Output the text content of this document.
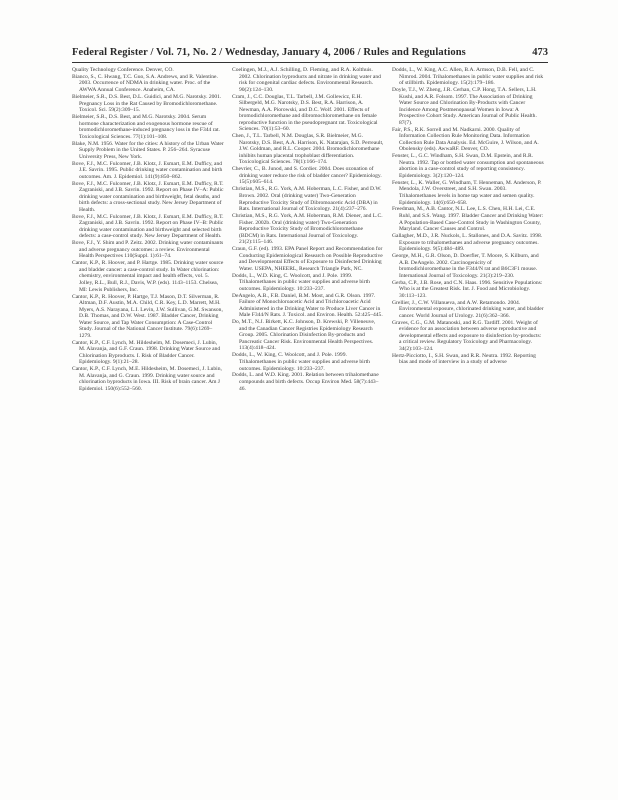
Federal Register / Vol. 71, No. 2 / Wednesday, January 4, 2006 / Rules and Regulations	473

Quality Technology Conference. Denver, CO.

Bianco, S., C. Hwang, T.C. Guo, S.A. Andrews, and R. Valentine. 2003. Occurrence of NDMA in drinking water. Proc. of the AWWA Annual Conference. Anaheim, CA.

Bielmeier, S.R., D.S. Best, D.L. Guidici, and M.G. Narotsky. 2001. Pregnancy Loss in the Rat Caused by Bromodichloromethane. Toxicol. Sci. 59(2):309–15.

Bielmeier, S.R., D.S. Best, and M.G. Narotsky. 2004. Serum hormone characterization and exogenous hormone rescue of bromodichloromethane-induced pregnancy loss in the F344 rat. Toxicological Sciences. 77(1):101–108.

Blake, N.M. 1956. Water for the cities: A history of the Urban Water Supply Problem in the United States. P. 256–264. Syracuse University Press, New York.

Bove, F.J., M.C. Fulcomer, J.B. Klotz, J. Esmart, E.M. Dufficy, and J.E. Savrin. 1995. Public drinking water contamination and birth outcomes. Am. J. Epidemiol. 141(9):850–862.

Bove, F.J., M.C. Fulcomer, J.B. Klotz, J. Esmart, E.M. Dufficy, R.T. Zagraniski, and J.B. Savrin. 1992. Report on Phase IV–A: Public drinking water contamination and birthweight, fetal deaths, and birth defects: a cross-sectional study. New Jersey Department of Health.

Bove, F.J., M.C. Fulcomer, J.B. Klotz, J. Esmart, E.M. Dufficy, R.T. Zagraniski, and J.B. Savrin. 1992. Report on Phase IV–B: Public drinking water contamination and birthweight and selected birth defects: a case-control study. New Jersey Department of Health.

Bove, F.J., Y. Shim and P. Zeitz. 2002. Drinking water contaminants and adverse pregnancy outcomes: a review. Environmental Health Perspectives 110(Suppl. 1):61–74.

Cantor, K.P., R. Hoover, and P. Hartge. 1985. Drinking water source and bladder cancer: a case-control study. In Water chlorination: chemistry, environmental impact and health effects, vol. 5. Jolley, R.L., Bull, R.J., Davis, W.P. (eds). 1143–1153. Chelsea, MI: Lewis Publishers, Inc.

Cantor, K.P., R. Hoover, P. Hartge, T.J. Mason, D.T. Silverman, R. Altman, D.F. Austin, M.A. Child, C.R. Key, L.D. Marrett, M.H. Myers, A.S. Narayana, L.I. Levin, J.W. Sullivan, G.M. Swanson, D.B. Thomas, and D.W. West. 1987. Bladder Cancer, Drinking Water Source, and Tap Water Consumption: A Case-Control Study. Journal of the National Cancer Institute. 79(6):1269–1279.

Cantor, K.P., C.F. Lynch, M. Hildesheim, M. Dosemeci, J. Lubin, M. Alavanja, and G.F. Craun. 1998. Drinking Water Source and Chlorination Byproducts. I. Risk of Bladder Cancer. Epidemiology. 9(1):21–28.

Cantor, K.P., C.F. Lynch, M.E. Hildesheim, M. Dosemeci, J. Lubin, M. Alavanja, and G. Craun. 1999. Drinking water source and chlorination byproducts in Iowa. III. Risk of brain cancer. Am J Epidemiol. 150(6):552–560.

Coelingen, M.J., A.J. Schilling, D. Fleming, and R.A. Kolthuis. 2002. Chlorination byproducts and nitrate in drinking water and risk for congenital cardiac defects. Environmental Research. 90(2):124–130.

Cram, J., C.C. Douglas, T.L. Tarbell, J.M. Gollewicz, E.H. Silbergeld, M.G. Narotsky, D.S. Best, R.A. Harrison, A. Newman, A.A. Piorowski, and D.C. Wolf. 2001. Effects of bromodichloromethane and dibromochloromethane on female reproductive function in the pseudopregnant rat. Toxicological Sciences. 70(1):53–60.

Chen, J., T.L. Tarbell, N.M. Douglas, S.R. Bielmeier, M.G. Narotsky, D.S. Best, A.A. Harrison, K. Natarajan, S.D. Perreault, J.W. Goldman, and R.L. Cooper. 2004. Bromodichloromethane inhibits human placental trophoblast differentiation. Toxicological Sciences. 78(1):166–174.

Chevrier, C., B. Junod, and S. Cordier. 2004. Does ozonation of drinking water reduce the risk of bladder cancer? Epidemiology. 15(5):605–614.

Christian, M.S., R.G. York, A.M. Hoberman, L.C. Fisher, and D.W. Brown. 2002. Oral (drinking water) Two-Generation Reproductive Toxicity Study of Dibromoacetic Acid (DBA) in Rats. International Journal of Toxicology. 21(4):237–276.

Christian, M.S., R.G. York, A.M. Hoberman, R.M. Diener, and L.C. Fisher. 2002b. Oral (drinking water) Two-Generation Reproductive Toxicity Study of Bromodichloromethane (BDCM) in Rats. International Journal of Toxicology. 21(2):115–146.

Craun, G.F. (ed). 1993. EPA Panel Report and Recommendation for Conducting Epidemiological Research on Possible Reproductive and Developmental Effects of Exposure to Disinfected Drinking Water. USEPA, NHEERL, Research Triangle Park, NC.

Dodds, L., W.D. King, C. Woolcott, and J. Pole. 1999. Trihalomethanes in public water supplies and adverse birth outcomes. Epidemiology. 10:233–237.

DeAngelo, A.B., F.B. Daniel, B.M. Most, and G.R. Olson. 1997. Failure of Monochloroacetic Acid and Trichloroacetic Acid Administered in the Drinking Water to Produce Liver Cancer in Male F344/N Rats. J. Toxicol. and Environ. Health. 52:425–445.

Do, M.T., N.J. Birkett, K.C. Johnson, D. Krewski, P. Villeneuve, and the Canadian Cancer Registries Epidemiology Research Group. 2005. Chlorination Disinfection By-products and Pancreatic Cancer Risk. Environmental Health Perspectives. 113(4):418–424.

Dodds, L., W. King, C. Woolcott, and J. Pole. 1999. Trihalomethanes in public water supplies and adverse birth outcomes. Epidemiology. 10:233–237.

Dodds, L. and W.D. King. 2001. Relation between trihalomethane compounds and birth defects. Occup Environ Med. 58(7):443–46.

Dodds, L., W. King, A.C. Allen, B.A. Armson, D.B. Fell, and C. Nimrod. 2004. Trihalomethanes in public water supplies and risk of stillbirth. Epidemiology. 15(2):179–186.

Doyle, T.J., W. Zheng, J.R. Cerhan, C.P. Hong, T.A. Sellers, L.H. Kushi, and A.R. Folsom. 1997. The Association of Drinking Water Source and Chlorination By-Products with Cancer Incidence Among Postmenopausal Women in Iowa: A Prospective Cohort Study. American Journal of Public Health. 87(7).

Fair, P.S., R.K. Sorrell and M. Nadkarni. 2000. Quality of Information Collection Rule Monitoring Data. Information Collection Rule Data Analysis. Ed. McGuire, J. Wilson, and A. Obolensky (eds). AwwaRF. Denver, CO.

Fenster, L., G.C. Windham, S.H. Swan, D.M. Epstein, and R.R. Neutra. 1992. Tap or bottled water consumption and spontaneous abortion in a case-control study of reporting consistency. Epidemiology. 3(2):120–124.

Fenster, L., K. Waller, G. Windham, T. Henneman, M. Anderson, P. Mendola, J.W. Overstreet, and S.H. Swan. 2003. Trihalomethanes levels in home tap water and semen quality. Epidemiology. 14(6):650–658.

Freedman, M., A.B. Cantor, N.L. Lee, L.S. Chen, H.H. Lei, C.E. Ruhl, and S.S. Wang. 1997. Bladder Cancer and Drinking Water: A Population-Based Case-Control Study in Washington County, Maryland. Cancer Causes and Control.

Gallagher, M.D., J.R. Nuckols, L. Stallones, and D.A. Savitz. 1998. Exposure to trihalomethanes and adverse pregnancy outcomes. Epidemiology. 9(5):484–489.

George, M.H., G.R. Olson, D. Doerfler, T. Moore, S. Kilburn, and A.B. DeAngelo. 2002. Carcinogenicity of bromodichloromethane in the F344/N rat and B6C3F1 mouse. International Journal of Toxicology. 21(3):219–230.

Gerba, C.P., J.B. Rose, and C.N. Haas. 1996. Sensitive Populations: Who is at the Greatest Risk. Int. J. Food and Microbiology. 30:113–123.

Grellier, J., C.W. Villanueva, and A.W. Retamondo. 2004. Environmental exposure, chlorinated drinking water, and bladder cancer. World Journal of Urology. 21(6):362–366.

Graves, C.G., G.M. Matanoski, and R.G. Tardiff. 2001. Weight of evidence for an association between adverse reproductive and developmental effects and exposure to disinfection by-products: a critical review. Regulatory Toxicology and Pharmacology. 34(2):103–124.

Hertz-Picciotto, I., S.H. Swan, and R.R. Neutra. 1992. Reporting bias and mode of interview in a study of adverse
